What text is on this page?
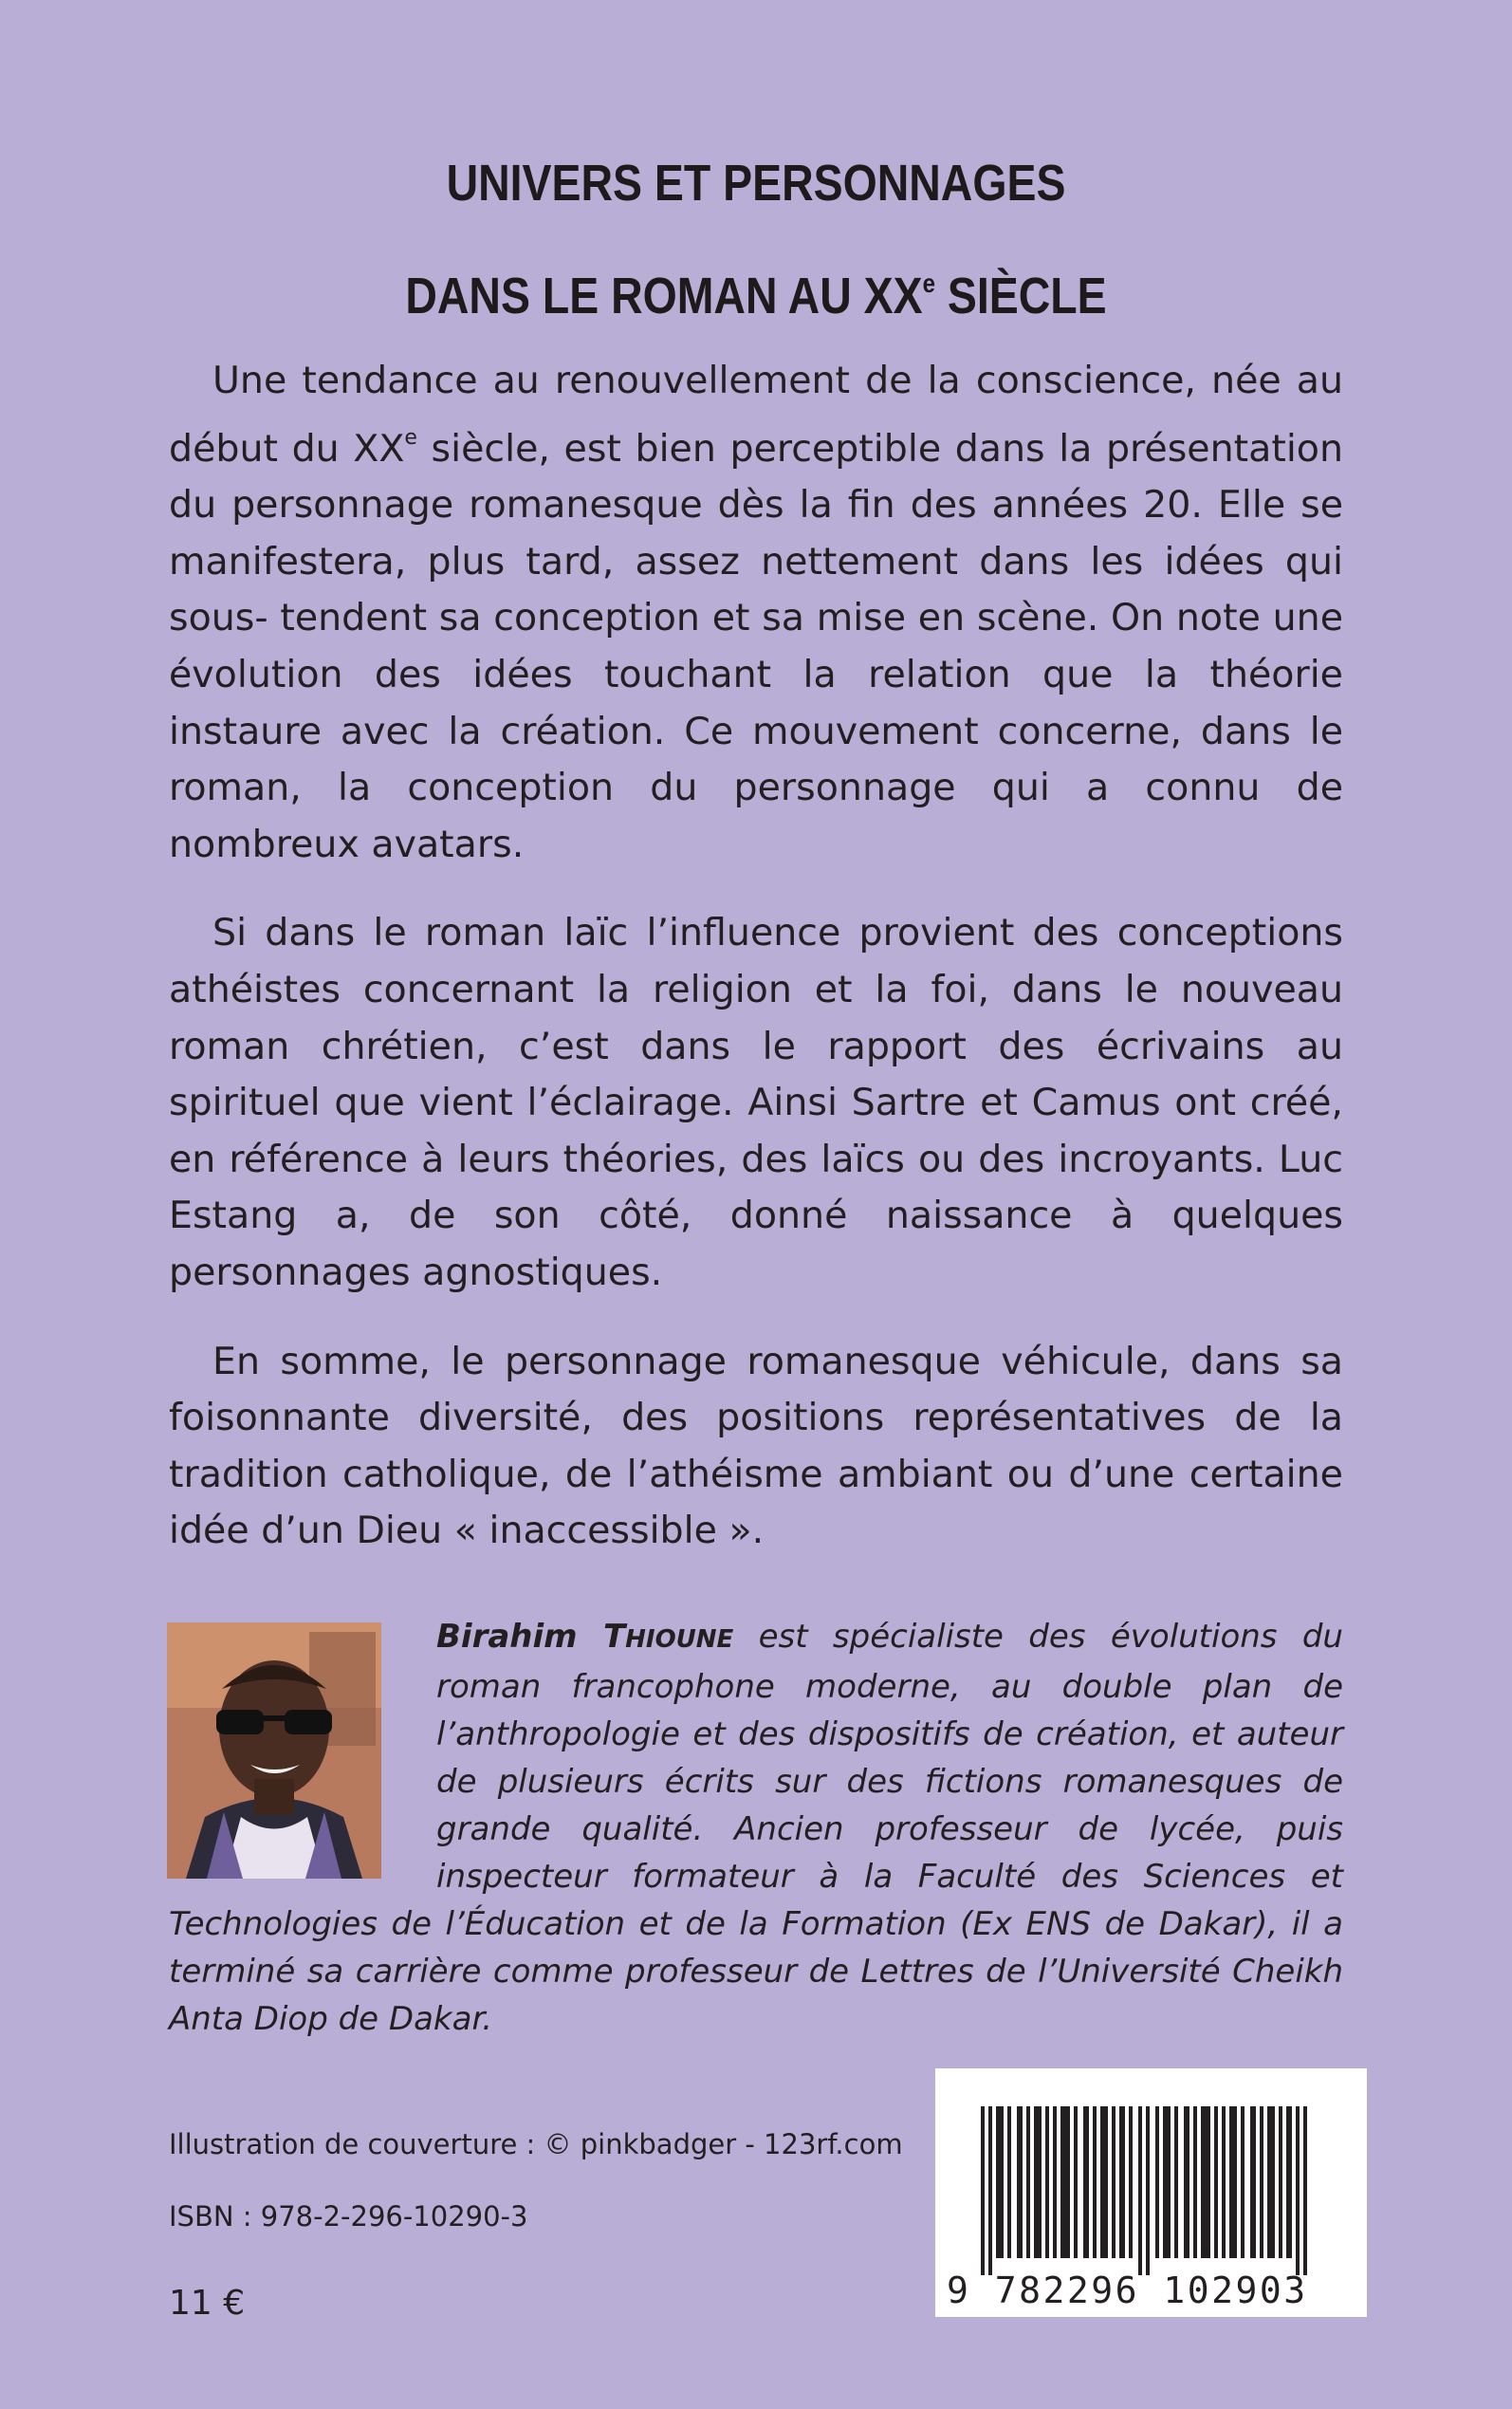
UNIVERS ET PERSONNAGES
DANS LE ROMAN AU XXe SIÈCLE

Une tendance au renouvellement de la conscience, née au début du XXe siècle, est bien perceptible dans la présentation du personnage romanesque dès la fin des années 20. Elle se manifestera, plus tard, assez nettement dans les idées qui sous- tendent sa conception et sa mise en scène. On note une évolution des idées touchant la relation que la théorie instaure avec la création. Ce mouvement concerne, dans le roman, la conception du personnage qui a connu de nombreux avatars.

Si dans le roman laïc l’influence provient des conceptions athéistes concernant la religion et la foi, dans le nouveau roman chrétien, c’est dans le rapport des écrivains au spirituel que vient l’éclairage. Ainsi Sartre et Camus ont créé, en référence à leurs théories, des laïcs ou des incroyants. Luc Estang a, de son côté, donné naissance à quelques personnages agnostiques.

En somme, le personnage romanesque véhicule, dans sa foisonnante diversité, des positions représentatives de la tradition catholique, de l’athéisme ambiant ou d’une certaine idée d’un Dieu « inaccessible ».

Birahim THIOUNE est spécialiste des évolutions du roman francophone moderne, au double plan de l’anthropologie et des dispositifs de création, et auteur de plusieurs écrits sur des fictions romanesques de grande qualité. Ancien professeur de lycée, puis inspecteur formateur à la Faculté des Sciences et Technologies de l’Éducation et de la Formation (Ex ENS de Dakar), il a terminé sa carrière comme professeur de Lettres de l’Université Cheikh Anta Diop de Dakar.

Illustration de couverture : © pinkbadger - 123rf.com

ISBN : 978-2-296-10290-3

11 €	9 782296 102903
